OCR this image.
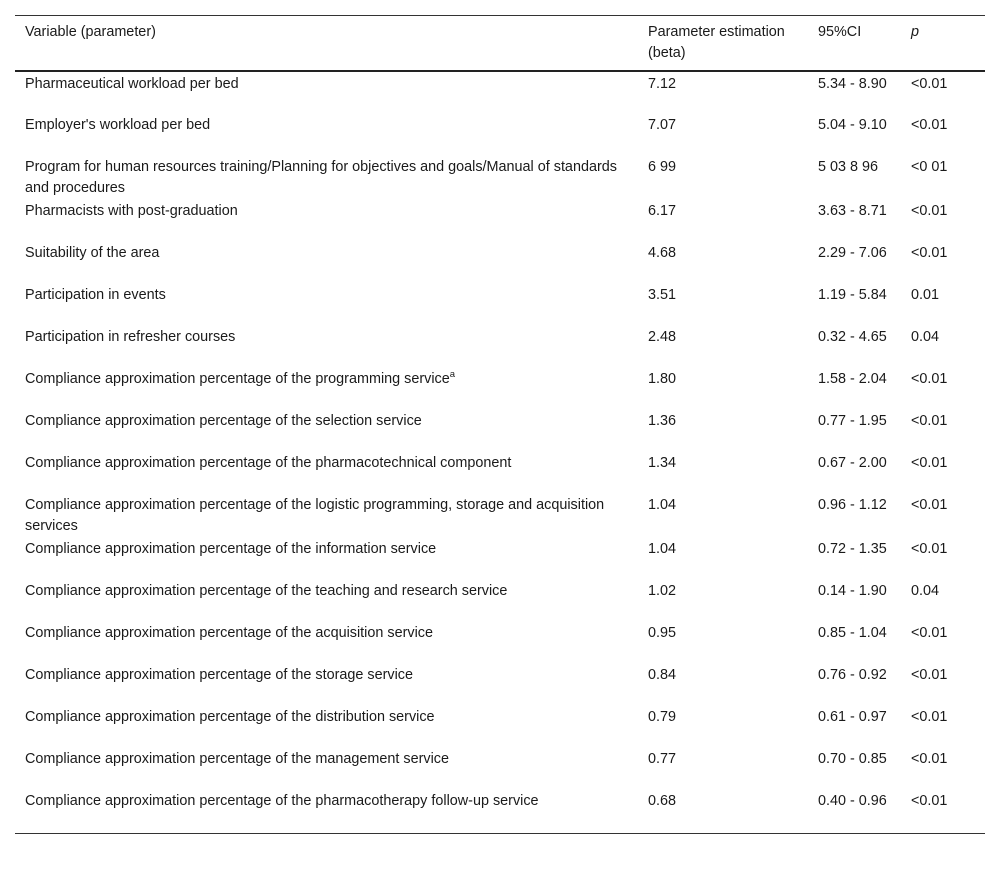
Variable (parameter)	Parameter estimation (beta)	95%CI	p
Pharmaceutical workload per bed	7.12	5.34 - 8.90	<0.01
Employer's workload per bed	7.07	5.04 - 9.10	<0.01
Program for human resources training/Planning for objectives and goals/Manual of standards and procedures	6 99	5 03 8 96	<0 01
Pharmacists with post-graduation	6.17	3.63 - 8.71	<0.01
Suitability of the area	4.68	2.29 - 7.06	<0.01
Participation in events	3.51	1.19 - 5.84	0.01
Participation in refresher courses	2.48	0.32 - 4.65	0.04
Compliance approximation percentage of the programming service$^a$	1.80	1.58 - 2.04	<0.01
Compliance approximation percentage of the selection service	1.36	0.77 - 1.95	<0.01
Compliance approximation percentage of the pharmacotechnical component	1.34	0.67 - 2.00	<0.01
Compliance approximation percentage of the logistic programming, storage and acquisition services	1.04	0.96 - 1.12	<0.01
Compliance approximation percentage of the information service	1.04	0.72 - 1.35	<0.01
Compliance approximation percentage of the teaching and research service	1.02	0.14 - 1.90	0.04
Compliance approximation percentage of the acquisition service	0.95	0.85 - 1.04	<0.01
Compliance approximation percentage of the storage service	0.84	0.76 - 0.92	<0.01
Compliance approximation percentage of the distribution service	0.79	0.61 - 0.97	<0.01
Compliance approximation percentage of the management service	0.77	0.70 - 0.85	<0.01
Compliance approximation percentage of the pharmacotherapy follow-up service	0.68	0.40 - 0.96	<0.01
